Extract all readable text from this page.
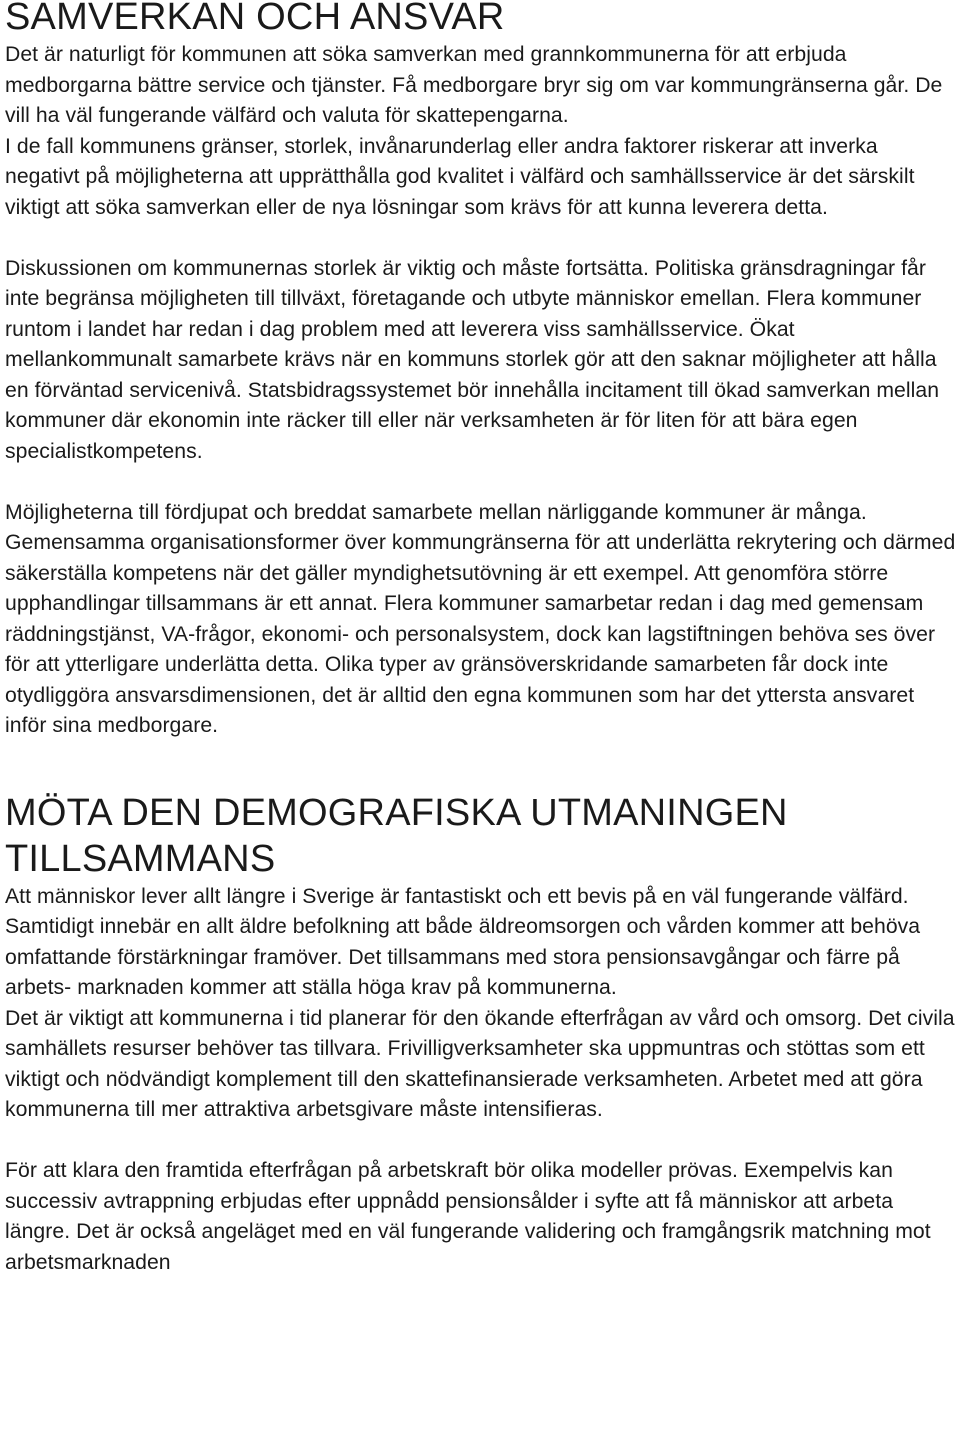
SAMVERKAN OCH ANSVAR

Det är naturligt för kommunen att söka samverkan med grannkommunerna för att erbjuda medborgarna bättre service och tjänster. Få medborgare bryr sig om var kommungränserna går. De vill ha väl fungerande välfärd och valuta för skattepengarna.

I de fall kommunens gränser, storlek, invånarunderlag eller andra faktorer riskerar att inverka negativt på möjligheterna att upprätthålla god kvalitet i välfärd och samhällsservice är det särskilt viktigt att söka samverkan eller de nya lösningar som krävs för att kunna leverera detta.

Diskussionen om kommunernas storlek är viktig och måste fortsätta. Politiska gränsdragningar får inte begränsa möjligheten till tillväxt, företagande och utbyte människor emellan. Flera kommuner runtom i landet har redan i dag problem med att leverera viss samhällsservice. Ökat mellankommunalt samarbete krävs när en kommuns storlek gör att den saknar möjligheter att hålla en förväntad servicenivå. Statsbidragssystemet bör innehålla incitament till ökad samverkan mellan kommuner där ekonomin inte räcker till eller när verksamheten är för liten för att bära egen specialistkompetens.

Möjligheterna till fördjupat och breddat samarbete mellan närliggande kommuner är många. Gemensamma organisationsformer över kommungränserna för att underlätta rekrytering och därmed säkerställa kompetens när det gäller myndighetsutövning är ett exempel. Att genomföra större upphandlingar tillsammans är ett annat. Flera kommuner samarbetar redan i dag med gemensam räddningstjänst, VA-frågor, ekonomi- och personalsystem, dock kan lagstiftningen behöva ses över för att ytterligare underlätta detta. Olika typer av gränsöverskridande samarbeten får dock inte otydliggöra ansvarsdimensionen, det är alltid den egna kommunen som har det yttersta ansvaret inför sina medborgare.

MÖTA DEN DEMOGRAFISKA UTMANINGEN TILLSAMMANS

Att människor lever allt längre i Sverige är fantastiskt och ett bevis på en väl fungerande välfärd. Samtidigt innebär en allt äldre befolkning att både äldreomsorgen och vården kommer att behöva omfattande förstärkningar framöver. Det tillsammans med stora pensionsavgångar och färre på arbets- marknaden kommer att ställa höga krav på kommunerna.

Det är viktigt att kommunerna i tid planerar för den ökande efterfrågan av vård och omsorg. Det civila samhällets resurser behöver tas tillvara. Frivilligverksamheter ska uppmuntras och stöttas som ett viktigt och nödvändigt komplement till den skattefinansierade verksamheten. Arbetet med att göra kommunerna till mer attraktiva arbetsgivare måste intensifieras.

För att klara den framtida efterfrågan på arbetskraft bör olika modeller prövas. Exempelvis kan successiv avtrappning erbjudas efter uppnådd pensionsålder i syfte att få människor att arbeta längre. Det är också angeläget med en väl fungerande validering och framgångsrik matchning mot arbetsmarknaden
